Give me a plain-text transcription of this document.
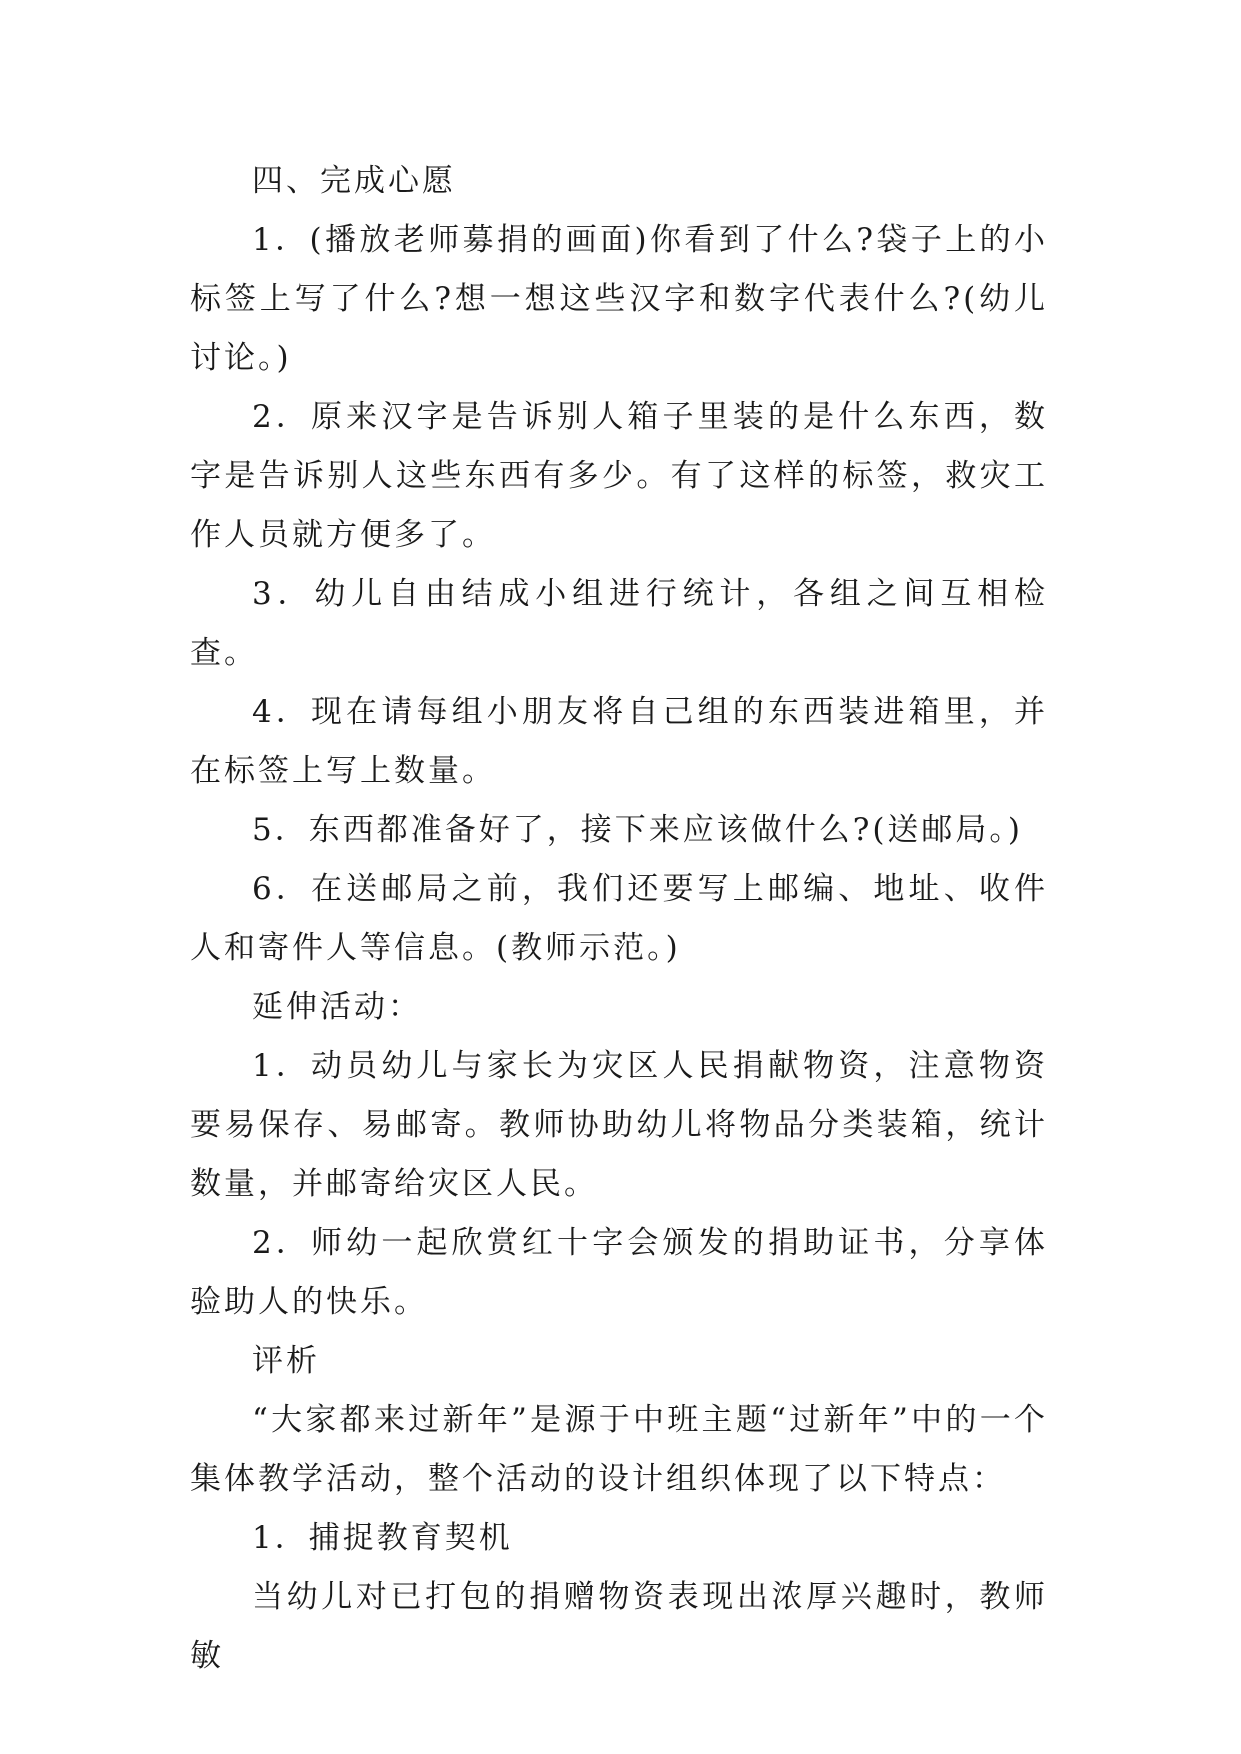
四、完成心愿

1．(播放老师募捐的画面)你看到了什么?袋子上的小标签上写了什么?想一想这些汉字和数字代表什么?(幼儿讨论。)

2．原来汉字是告诉别人箱子里装的是什么东西，数字是告诉别人这些东西有多少。有了这样的标签，救灾工作人员就方便多了。

3．幼儿自由结成小组进行统计，各组之间互相检查。

4．现在请每组小朋友将自己组的东西装进箱里，并在标签上写上数量。

5．东西都准备好了，接下来应该做什么?(送邮局。)

6．在送邮局之前，我们还要写上邮编、地址、收件人和寄件人等信息。(教师示范。)

延伸活动：

1．动员幼儿与家长为灾区人民捐献物资，注意物资要易保存、易邮寄。教师协助幼儿将物品分类装箱，统计数量，并邮寄给灾区人民。

2．师幼一起欣赏红十字会颁发的捐助证书，分享体验助人的快乐。

评析

“大家都来过新年”是源于中班主题“过新年”中的一个集体教学活动，整个活动的设计组织体现了以下特点：

1．捕捉教育契机

当幼儿对已打包的捐赠物资表现出浓厚兴趣时，教师敏
